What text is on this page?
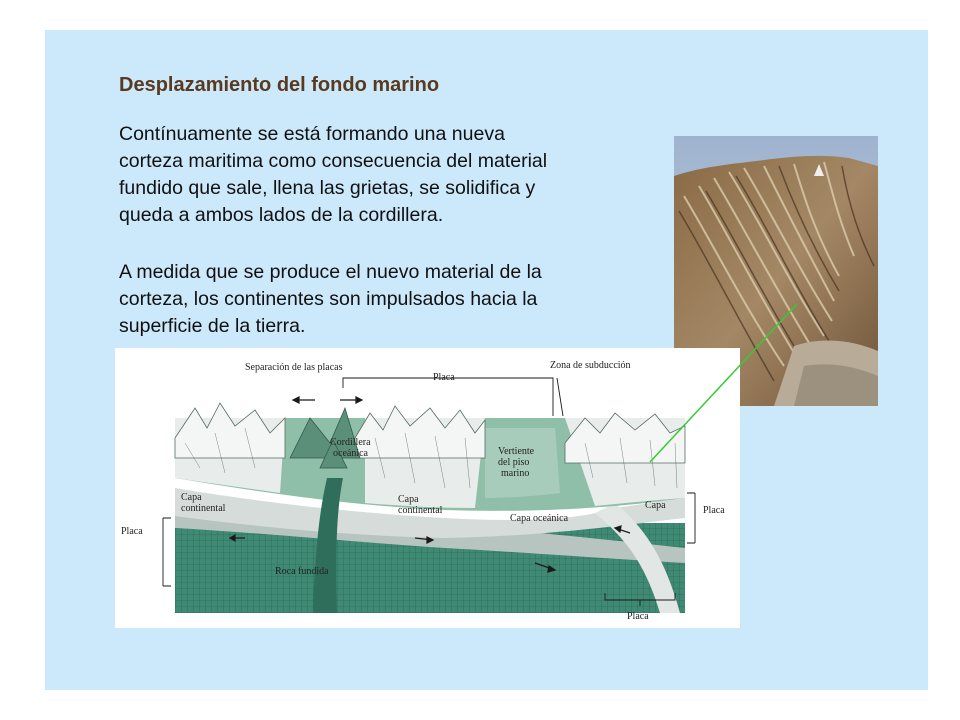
Desplazamiento del fondo marino
Contínuamente se está formando una nueva
corteza maritima como consecuencia del material
fundido que sale, llena las grietas, se solidifica y
queda a ambos lados de la cordillera.
A medida que se produce el nuevo material de la
corteza, los continentes son impulsados hacia la
superficie de la tierra.
Separación de las placas
Placa
Zona de subducción
Cordillera
oceánica	Vertiente
del piso
marino
Capa
continental
Capa
continental
Capa oceánica
Capa
Placa
Placa
Placa
Roca fundida
